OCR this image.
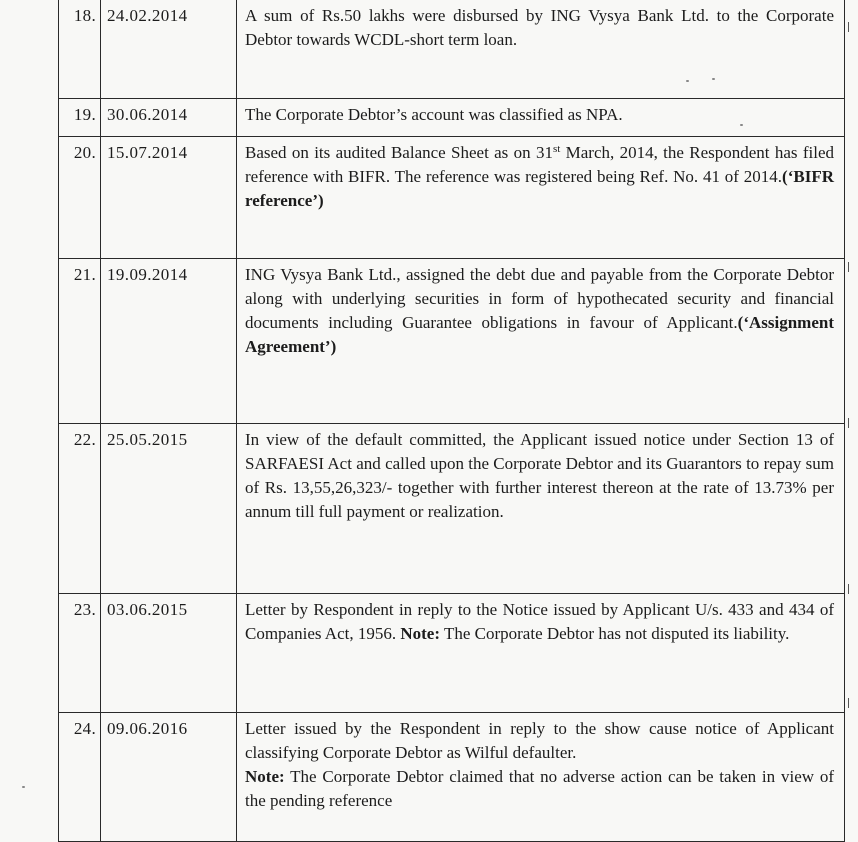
18.	24.02.2014	A sum of Rs.50 lakhs were disbursed by ING Vysya Bank Ltd. to the Corporate Debtor towards WCDL-short term loan.

19.	30.06.2014	The Corporate Debtor’s account was classified as NPA.

20.	15.07.2014	Based on its audited Balance Sheet as on 31st March, 2014, the Respondent has filed reference with BIFR. The reference was registered being Ref. No. 41 of 2014.(‘BIFR reference’)

21.	19.09.2014	ING Vysya Bank Ltd., assigned the debt due and payable from the Corporate Debtor along with underlying securities in form of hypothecated security and financial documents including Guarantee obligations in favour of Applicant.(‘Assignment Agreement’)

22.	25.05.2015	In view of the default committed, the Applicant issued notice under Section 13 of SARFAESI Act and called upon the Corporate Debtor and its Guarantors to repay sum of Rs. 13,55,26,323/- together with further interest thereon at the rate of 13.73% per annum till full payment or realization.

23.	03.06.2015	Letter by Respondent in reply to the Notice issued by Applicant U/s. 433 and 434 of Companies Act, 1956. Note: The Corporate Debtor has not disputed its liability.

24.	09.06.2016	Letter issued by the Respondent in reply to the show cause notice of Applicant classifying Corporate Debtor as Wilful defaulter.

Note: The Corporate Debtor claimed that no adverse action can be taken in view of the pending reference
